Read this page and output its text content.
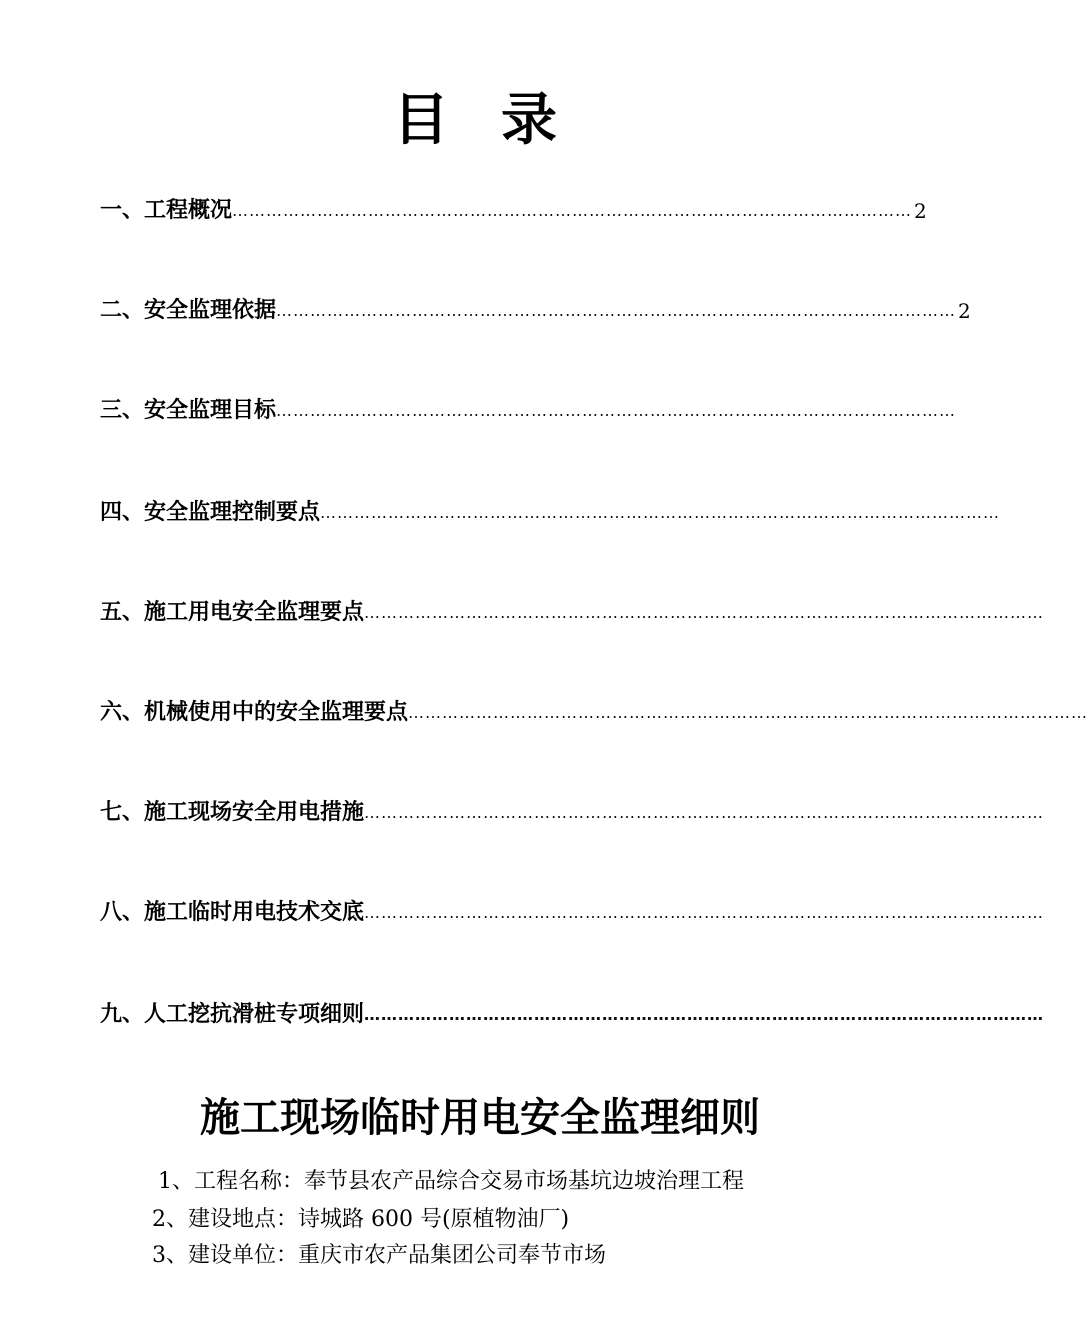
目录
一、工程概况 ………………………………………………………………………………………………………… 2
二、安全监理依据 ………………………………………………………………………………………………………… 2
三、安全监理目标 …………………………………………………………………………………………………………
四、安全监理控制要点 …………………………………………………………………………………………………………
五、施工用电安全监理要点 …………………………………………………………………………………………………………
六、机械使用中的安全监理要点 …………………………………………………………………………………………………………
七、施工现场安全用电措施 …………………………………………………………………………………………………………
八、施工临时用电技术交底 …………………………………………………………………………………………………………
九、人工挖抗滑桩专项细则 …………………………………………………………………………………………………………
施工现场临时用电安全监理细则
1、工程名称：奉节县农产品综合交易市场基坑边坡治理工程
2、建设地点：诗城路 600 号(原植物油厂)
3、建设单位：重庆市农产品集团公司奉节市场
